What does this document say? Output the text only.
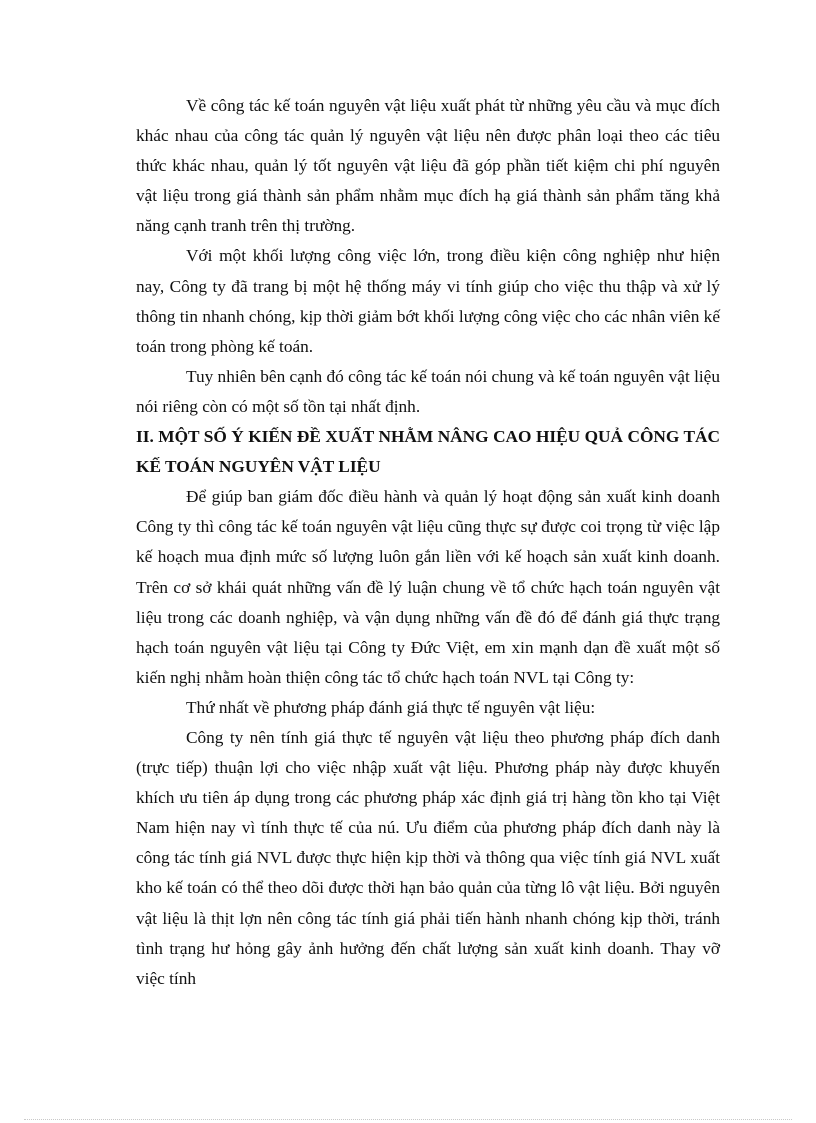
Về công tác kế toán nguyên vật liệu xuất phát từ những yêu cầu và mục đích khác nhau của công tác quản lý nguyên vật liệu nên được phân loại theo các tiêu thức khác nhau, quản lý tốt nguyên vật liệu đã góp phần tiết kiệm chi phí nguyên vật liệu trong giá thành sản phẩm nhằm mục đích hạ giá thành sản phẩm tăng khả năng cạnh tranh trên thị trường.

Với một khối lượng công việc lớn, trong điều kiện công nghiệp như hiện nay, Công ty đã trang bị một hệ thống máy vi tính giúp cho việc thu thập và xử lý thông tin nhanh chóng, kịp thời giảm bớt khối lượng công việc cho các nhân viên kế toán trong phòng kế toán.

Tuy nhiên bên cạnh đó công tác kế toán nói chung và kế toán nguyên vật liệu nói riêng còn có một số tồn tại nhất định.

II. MỘT SỐ Ý KIẾN ĐỀ XUẤT NHẰM NÂNG CAO HIỆU QUẢ CÔNG TÁC KẾ TOÁN NGUYÊN VẬT LIỆU

Để giúp ban giám đốc điều hành và quản lý hoạt động sản xuất kinh doanh Công ty thì công tác kế toán nguyên vật liệu cũng thực sự được coi trọng từ việc lập kế hoạch mua định mức số lượng luôn gắn liền với kế hoạch sản xuất kinh doanh. Trên cơ sở khái quát những vấn đề lý luận chung về tổ chức hạch toán nguyên vật liệu trong các doanh nghiệp, và vận dụng những vấn đề đó để đánh giá thực trạng hạch toán nguyên vật liệu tại Công ty Đức Việt, em xin mạnh dạn đề xuất một số kiến nghị nhằm hoàn thiện công tác tổ chức hạch toán NVL tại Công ty:

Thứ nhất về phương pháp đánh giá thực tế nguyên vật liệu:

Công ty nên tính giá thực tế nguyên vật liệu theo phương pháp đích danh (trực tiếp) thuận lợi cho việc nhập xuất vật liệu. Phương pháp này được khuyến khích ưu tiên áp dụng trong các phương pháp xác định giá trị hàng tồn kho tại Việt Nam hiện nay vì tính thực tế của nú. Ưu điểm của phương pháp đích danh này là công tác tính giá NVL được thực hiện kịp thời và thông qua việc tính giá NVL xuất kho kế toán có thể theo dõi được thời hạn bảo quản của từng lô vật liệu. Bởi nguyên vật liệu là thịt lợn nên công tác tính giá phải tiến hành nhanh chóng kịp thời, tránh tình trạng hư hỏng gây ảnh hưởng đến chất lượng sản xuất kinh doanh. Thay vỡ việc tính
